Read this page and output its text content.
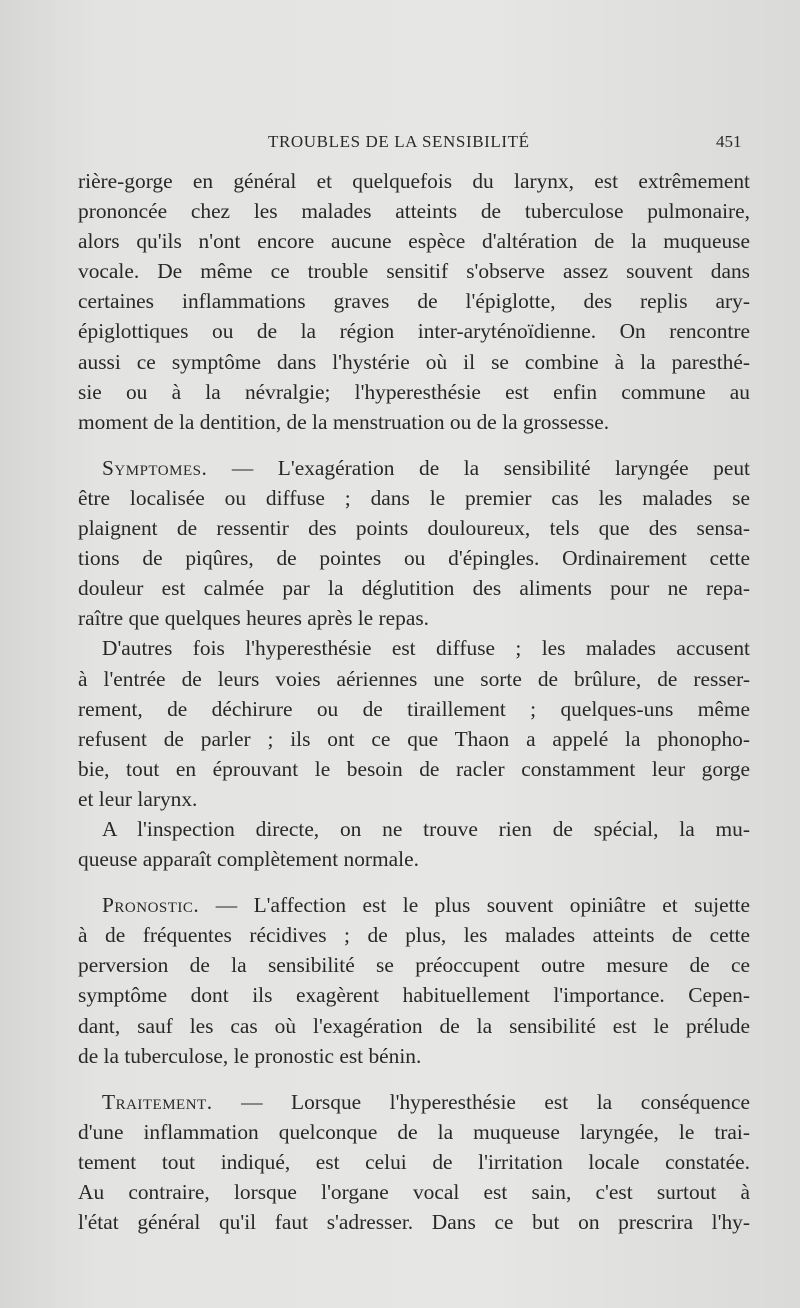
TROUBLES DE LA SENSIBILITÉ	451
rière-gorge en général et quelquefois du larynx, est extrêmement
prononcée chez les malades atteints de tuberculose pulmonaire,
alors qu'ils n'ont encore aucune espèce d'altération de la muqueuse
vocale. De même ce trouble sensitif s'observe assez souvent dans
certaines inflammations graves de l'épiglotte, des replis ary-
épiglottiques ou de la région inter-aryténoïdienne. On rencontre
aussi ce symptôme dans l'hystérie où il se combine à la paresthé-
sie ou à la névralgie; l'hyperesthésie est enfin commune au
moment de la dentition, de la menstruation ou de la grossesse.
Symptomes. — L'exagération de la sensibilité laryngée peut
être localisée ou diffuse ; dans le premier cas les malades se
plaignent de ressentir des points douloureux, tels que des sensa-
tions de piqûres, de pointes ou d'épingles. Ordinairement cette
douleur est calmée par la déglutition des aliments pour ne repa-
raître que quelques heures après le repas.
D'autres fois l'hyperesthésie est diffuse ; les malades accusent
à l'entrée de leurs voies aériennes une sorte de brûlure, de resser-
rement, de déchirure ou de tiraillement ; quelques-uns même
refusent de parler ; ils ont ce que Thaon a appelé la phonopho-
bie, tout en éprouvant le besoin de racler constamment leur gorge
et leur larynx.
A l'inspection directe, on ne trouve rien de spécial, la mu-
queuse apparaît complètement normale.
Pronostic. — L'affection est le plus souvent opiniâtre et sujette
à de fréquentes récidives ; de plus, les malades atteints de cette
perversion de la sensibilité se préoccupent outre mesure de ce
symptôme dont ils exagèrent habituellement l'importance. Cepen-
dant, sauf les cas où l'exagération de la sensibilité est le prélude
de la tuberculose, le pronostic est bénin.
Traitement. — Lorsque l'hyperesthésie est la conséquence
d'une inflammation quelconque de la muqueuse laryngée, le trai-
tement tout indiqué, est celui de l'irritation locale constatée.
Au contraire, lorsque l'organe vocal est sain, c'est surtout à
l'état général qu'il faut s'adresser. Dans ce but on prescrira l'hy-
